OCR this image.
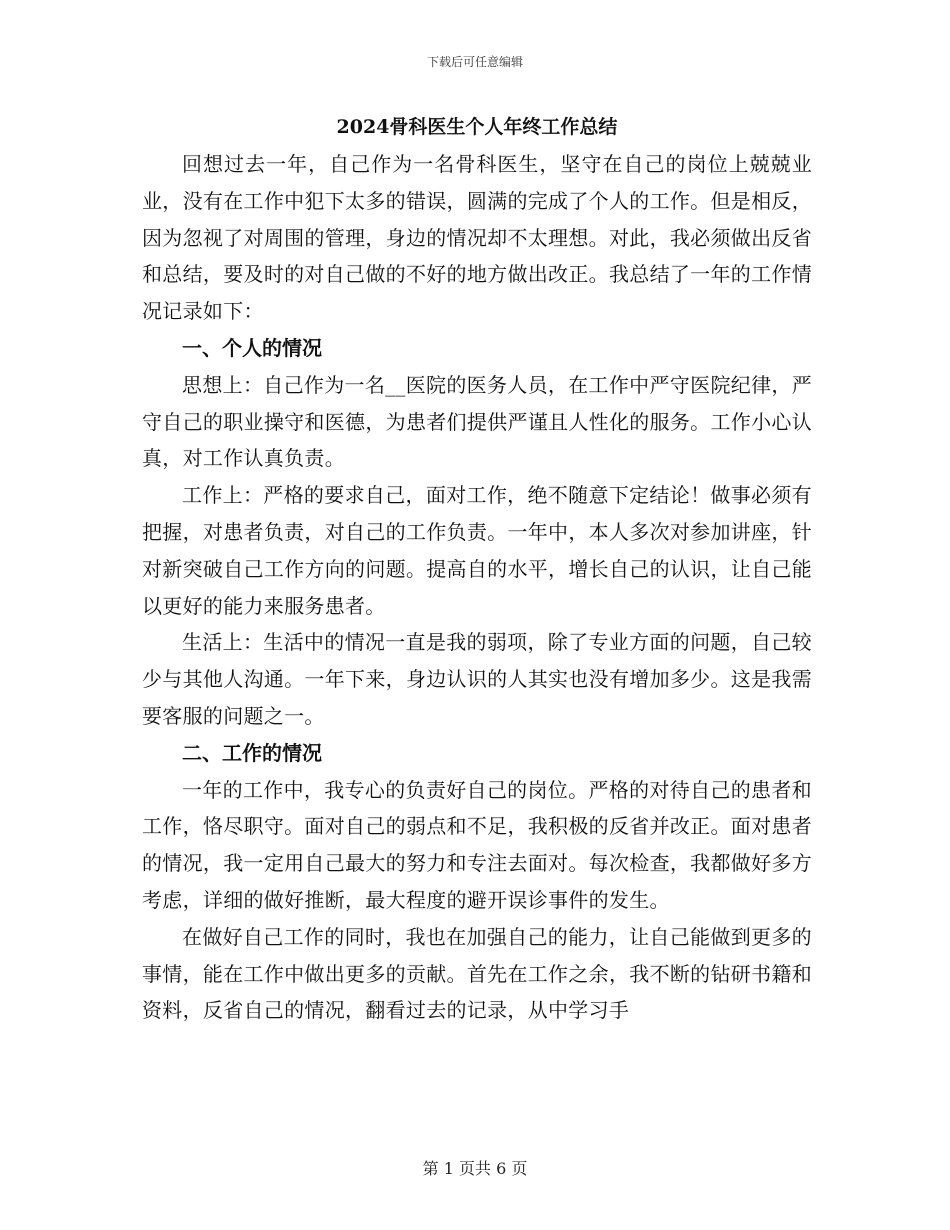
下载后可任意编辑
2024骨科医生个人年终工作总结

回想过去一年，自己作为一名骨科医生，坚守在自己的岗位上兢兢业业，没有在工作中犯下太多的错误，圆满的完成了个人的工作。但是相反，因为忽视了对周围的管理，身边的情况却不太理想。对此，我必须做出反省和总结，要及时的对自己做的不好的地方做出改正。我总结了一年的工作情况记录如下：

一、个人的情况

思想上：自己作为一名__医院的医务人员，在工作中严守医院纪律，严守自己的职业操守和医德，为患者们提供严谨且人性化的服务。工作小心认真，对工作认真负责。

工作上：严格的要求自己，面对工作，绝不随意下定结论！做事必须有把握，对患者负责，对自己的工作负责。一年中，本人多次对参加讲座，针对新突破自己工作方向的问题。提高自的水平，增长自己的认识，让自己能以更好的能力来服务患者。

生活上：生活中的情况一直是我的弱项，除了专业方面的问题，自己较少与其他人沟通。一年下来，身边认识的人其实也没有增加多少。这是我需要客服的问题之一。

二、工作的情况

一年的工作中，我专心的负责好自己的岗位。严格的对待自己的患者和工作，恪尽职守。面对自己的弱点和不足，我积极的反省并改正。面对患者的情况，我一定用自己最大的努力和专注去面对。每次检查，我都做好多方考虑，详细的做好推断，最大程度的避开误诊事件的发生。

在做好自己工作的同时，我也在加强自己的能力，让自己能做到更多的事情，能在工作中做出更多的贡献。首先在工作之余，我不断的钻研书籍和资料，反省自己的情况，翻看过去的记录，从中学习手

第 1 页共 6 页
